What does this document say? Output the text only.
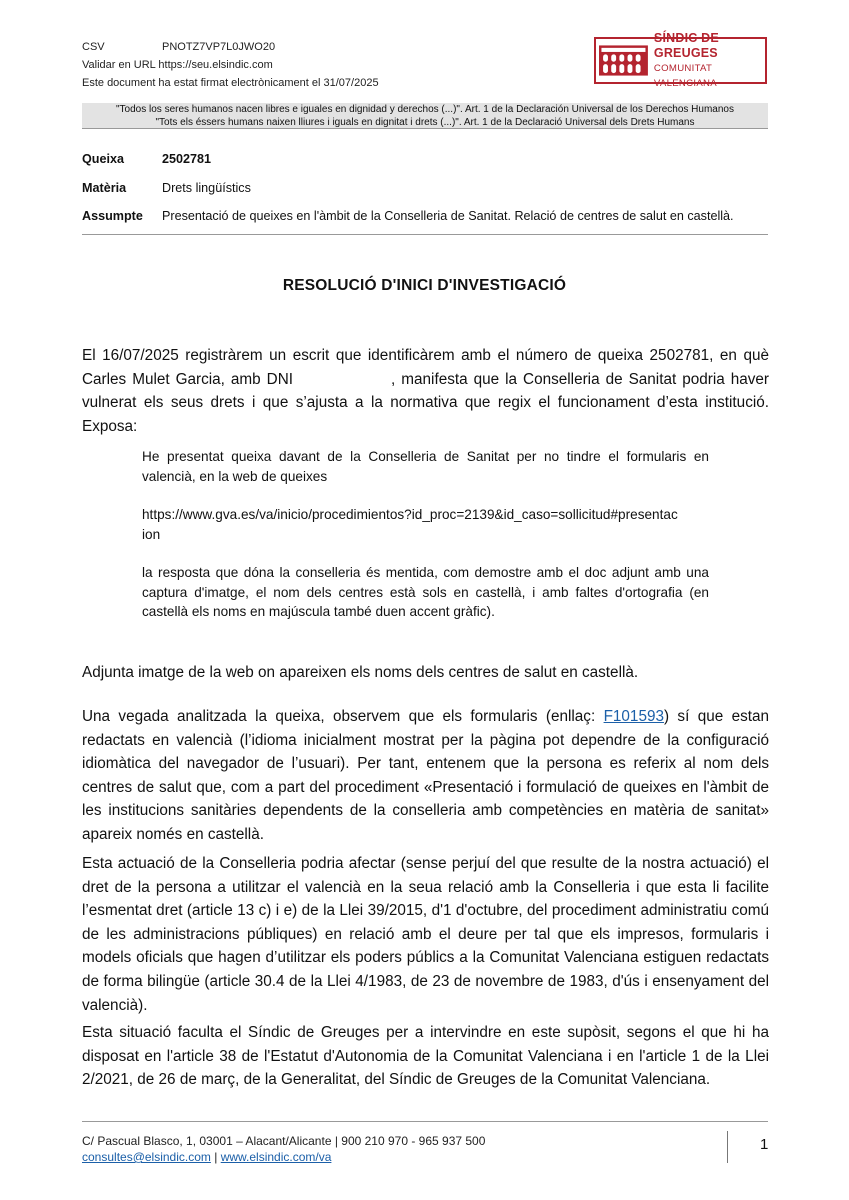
CSV	PNOTZ7VP7L0JWO20
Validar en URL https://seu.elsindic.com
Este document ha estat firmat electrònicament el 31/07/2025
SÍNDIC DE GREUGES
COMUNITAT VALENCIANA
"Todos los seres humanos nacen libres e iguales en dignidad y derechos (...)". Art. 1 de la Declaración Universal de los Derechos Humanos
"Tots els éssers humans naixen lliures i iguals en dignitat i drets (...)". Art. 1 de la Declaració Universal dels Drets Humans
Queixa	2502781
Matèria	Drets lingüístics
Assumpte	Presentació de queixes en l'àmbit de la Conselleria de Sanitat. Relació de centres de salut en castellà.
RESOLUCIÓ D'INICI D'INVESTIGACIÓ
El 16/07/2025 registràrem un escrit que identificàrem amb el número de queixa 2502781, en què Carles Mulet Garcia, amb DNI	, manifesta que la Conselleria de Sanitat podria haver vulnerat els seus drets i que s’ajusta a la normativa que regix el funcionament d’esta institució. Exposa:
He presentat queixa davant de la Conselleria de Sanitat per no tindre el formularis en valencià, en la web de queixes
https://www.gva.es/va/inicio/procedimientos?id_proc=2139&id_caso=sollicitud#presentac
ion
la resposta que dóna la conselleria és mentida, com demostre amb el doc adjunt amb una captura d'imatge, el nom dels centres està sols en castellà, i amb faltes d'ortografia (en castellà els noms en majúscula també duen accent gràfic).
Adjunta imatge de la web on apareixen els noms dels centres de salut en castellà.
Una vegada analitzada la queixa, observem que els formularis (enllaç: F101593) sí que estan redactats en valencià (l’idioma inicialment mostrat per la pàgina pot dependre de la configuració idiomàtica del navegador de l’usuari). Per tant, entenem que la persona es referix al nom dels centres de salut que, com a part del procediment «Presentació i formulació de queixes en l'àmbit de les institucions sanitàries dependents de la conselleria amb competències en matèria de sanitat» apareix només en castellà.
Esta actuació de la Conselleria podria afectar (sense perjuí del que resulte de la nostra actuació) el dret de la persona a utilitzar el valencià en la seua relació amb la Conselleria i que esta li facilite l’esmentat dret (article 13 c) i e) de la Llei 39/2015, d'1 d'octubre, del procediment administratiu comú de les administracions públiques) en relació amb el deure per tal que els impresos, formularis i models oficials que hagen d’utilitzar els poders públics a la Comunitat Valenciana estiguen redactats de forma bilingüe (article 30.4 de la Llei 4/1983, de 23 de novembre de 1983, d'ús i ensenyament del valencià).
Esta situació faculta el Síndic de Greuges per a intervindre en este supòsit, segons el que hi ha disposat en l'article 38 de l'Estatut d'Autonomia de la Comunitat Valenciana i en l'article 1 de la Llei 2/2021, de 26 de març, de la Generalitat, del Síndic de Greuges de la Comunitat Valenciana.
C/ Pascual Blasco, 1, 03001 – Alacant/Alicante | 900 210 970 - 965 937 500
consultes@elsindic.com | www.elsindic.com/va
1
